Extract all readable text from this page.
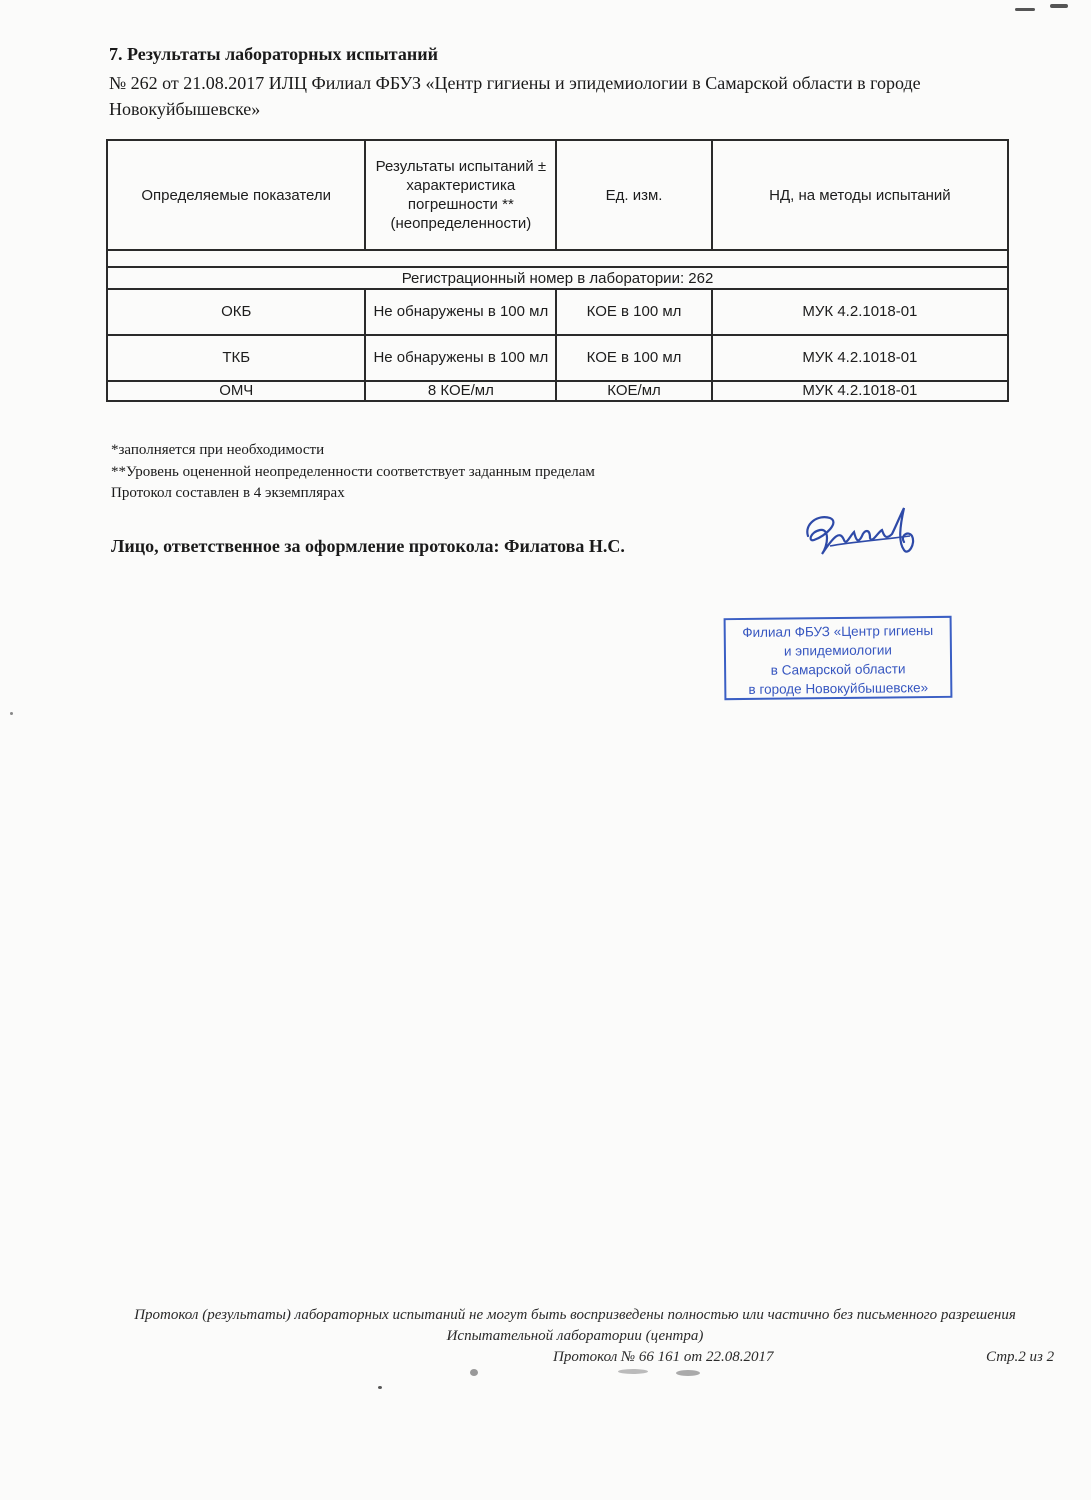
7. Результаты лабораторных испытаний
№ 262 от 21.08.2017 ИЛЦ Филиал ФБУЗ «Центр гигиены и эпидемиологии в Самарской области в городе Новокуйбышевске»
Определяемые показатели	Результаты испытаний ± характеристика погрешности **(неопределенности)	Ед. изм.	НД, на методы испытаний

Регистрационный номер в лаборатории: 262			
ОКБ	Не обнаружены в 100 мл	КОЕ в 100 мл	МУК 4.2.1018-01
ТКБ	Не обнаружены в 100 мл	КОЕ в 100 мл	МУК 4.2.1018-01
ОМЧ	8 КОЕ/мл	КОЕ/мл	МУК 4.2.1018-01
*заполняется при необходимости
**Уровень оцененной неопределенности соответствует заданным пределам
Протокол составлен в 4 экземплярах
Лицо, ответственное за оформление протокола: Филатова Н.С.
Филиал ФБУЗ «Центр гигиены
и эпидемиологии
в Самарской области
в городе Новокуйбышевске»
Протокол (результаты) лабораторных испытаний не могут быть воспризведены полностью или частично без письменного разрешения Испытательной лаборатории (центра)
Протокол № 66 161 от 22.08.2017	Стр.2 из 2
